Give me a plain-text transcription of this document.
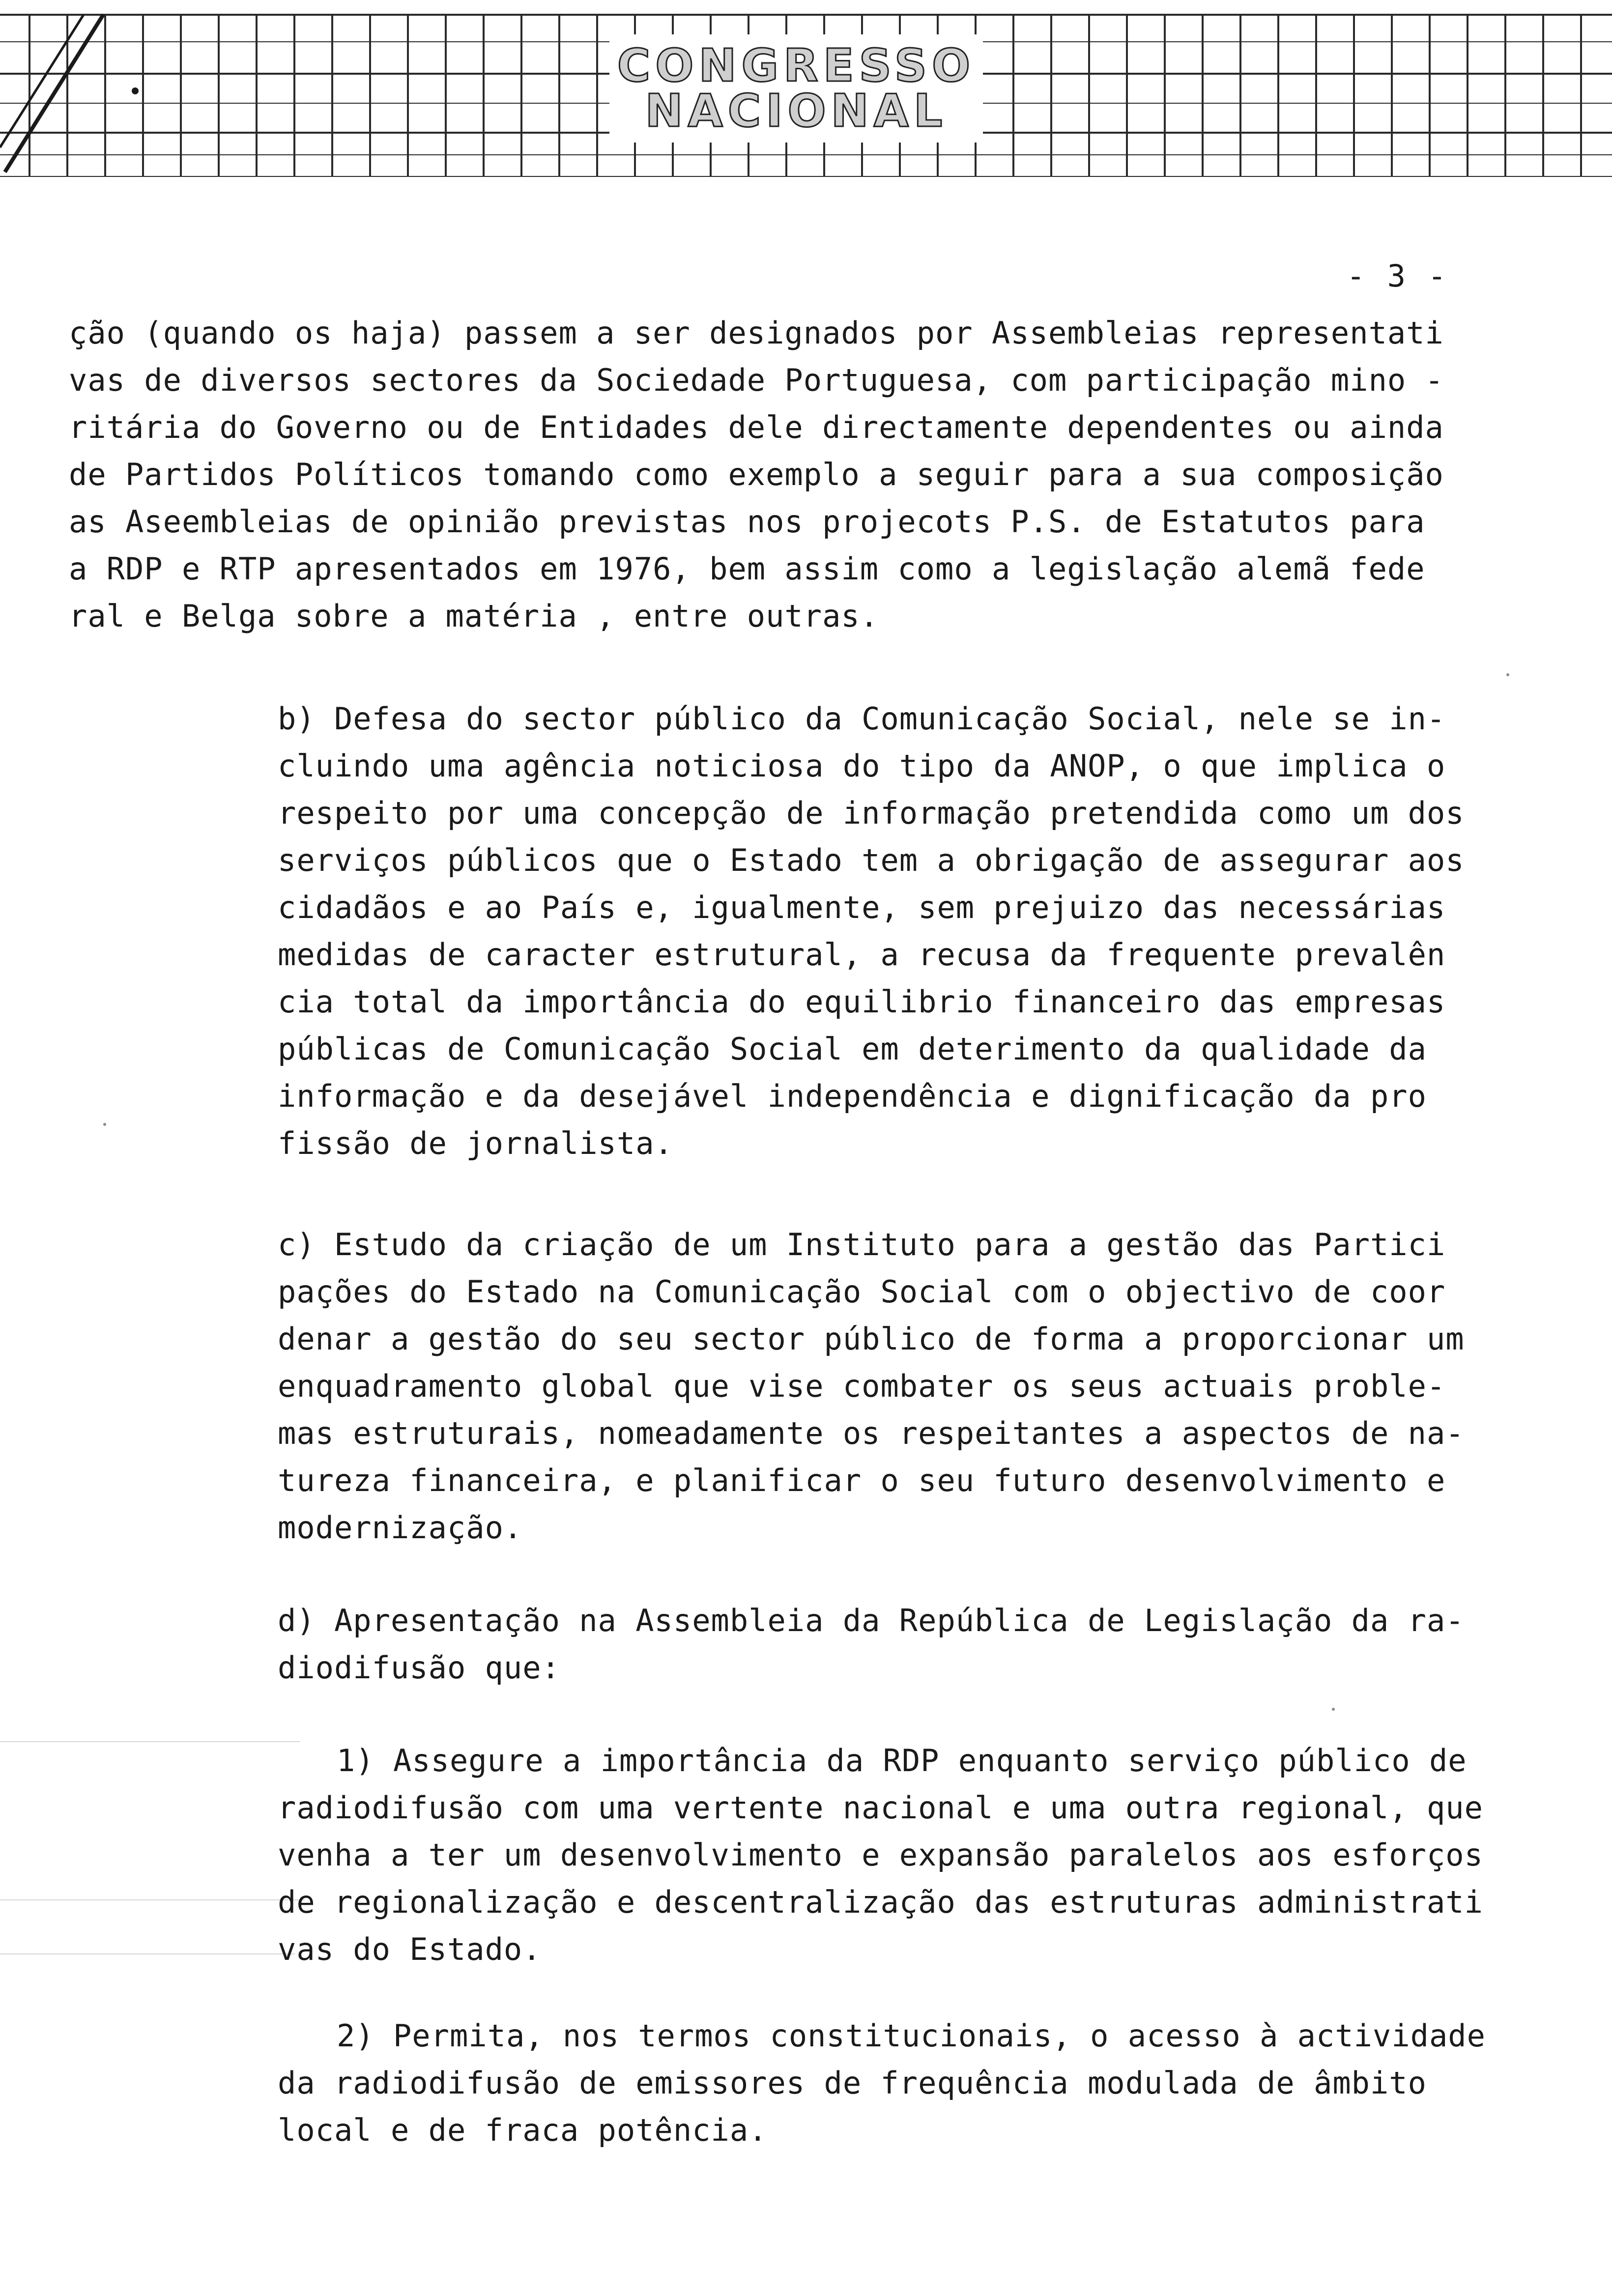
CONGRESSO
NACIONAL
- 3 -

ção (quando os haja) passem a ser designados por Assembleias representati

vas de diversos sectores da Sociedade Portuguesa, com participação mino -

ritária do Governo ou de Entidades dele directamente dependentes ou ainda

de Partidos Políticos tomando como exemplo a seguir para a sua composição

as Aseembleias de opinião previstas nos projecots P.S. de Estatutos para

a RDP e RTP apresentados em 1976, bem assim como a legislação alemã fede

ral e Belga sobre a matéria , entre outras.

b) Defesa do sector público da Comunicação Social, nele se in-

cluindo uma agência noticiosa do tipo da ANOP, o que implica o

respeito por uma concepção de informação pretendida como um dos

serviços públicos que o Estado tem a obrigação de assegurar aos

cidadãos e ao País e, igualmente, sem prejuizo das necessárias

medidas de caracter estrutural, a recusa da frequente prevalên

cia total da importância do equilibrio financeiro das empresas

públicas de Comunicação Social em deterimento da qualidade da

informação e da desejável independência e dignificação da pro

fissão de jornalista.

c) Estudo da criação de um Instituto para a gestão das Partici

pações do Estado na Comunicação Social com o objectivo de coor

denar a gestão do seu sector público de forma a proporcionar um

enquadramento global que vise combater os seus actuais proble-

mas estruturais, nomeadamente os respeitantes a aspectos de na-

tureza financeira, e planificar o seu futuro desenvolvimento e

modernização.

d) Apresentação na Assembleia da República de Legislação da ra-

diodifusão que:

1) Assegure a importância da RDP enquanto serviço público de

radiodifusão com uma vertente nacional e uma outra regional, que

venha a ter um desenvolvimento e expansão paralelos aos esforços

de regionalização e descentralização das estruturas administrati

vas do Estado.

2) Permita, nos termos constitucionais, o acesso à actividade

da radiodifusão de emissores de frequência modulada de âmbito

local e de fraca potência.
